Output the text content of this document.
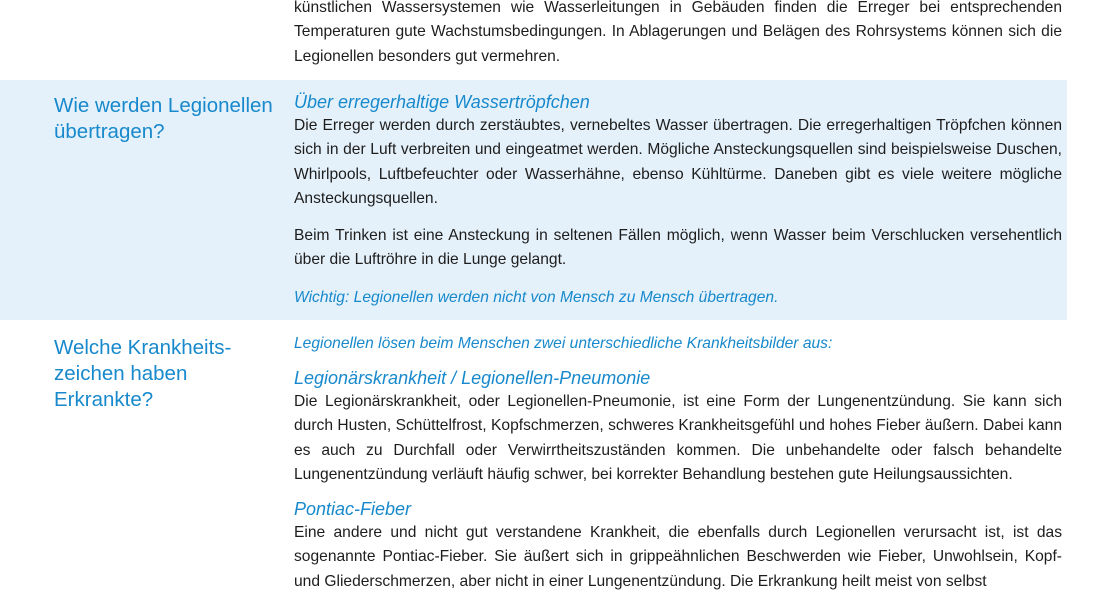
künstlichen Wassersystemen wie Wasserleitungen in Gebäuden finden die Erreger bei entsprechenden Temperaturen gute Wachstumsbedingungen. In Ablagerungen und Belägen des Rohrsystems können sich die Legionellen besonders gut vermehren.

Wie werden Legionellen übertragen?
Über erregerhaltige Wassertröpfchen

Die Erreger werden durch zerstäubtes, vernebeltes Wasser übertragen. Die erregerhaltigen Tröpfchen können sich in der Luft verbreiten und eingeatmet werden. Mögliche Ansteckungsquellen sind beispielsweise Duschen, Whirlpools, Luftbefeuchter oder Wasserhähne, ebenso Kühltürme. Daneben gibt es viele weitere mögliche Ansteckungsquellen.

Beim Trinken ist eine Ansteckung in seltenen Fällen möglich, wenn Wasser beim Verschlucken versehentlich über die Luftröhre in die Lunge gelangt.

Wichtig: Legionellen werden nicht von Mensch zu Mensch übertragen.
Welche Krankheits-
zeichen haben
Erkrankte?
Legionellen lösen beim Menschen zwei unterschiedliche Krankheitsbilder aus:
Legionärskrankheit / Legionellen-Pneumonie

Die Legionärskrankheit, oder Legionellen-Pneumonie, ist eine Form der Lungenentzündung. Sie kann sich durch Husten, Schüttelfrost, Kopfschmerzen, schweres Krankheitsgefühl und hohes Fieber äußern. Dabei kann es auch zu Durchfall oder Verwirrtheitszuständen kommen. Die unbehandelte oder falsch behandelte Lungenentzündung verläuft häufig schwer, bei korrekter Behandlung bestehen gute Heilungsaussichten.

Pontiac-Fieber

Eine andere und nicht gut verstandene Krankheit, die ebenfalls durch Legionellen verursacht ist, ist das sogenannte Pontiac-Fieber. Sie äußert sich in grippeähnlichen Beschwerden wie Fieber, Unwohlsein, Kopf- und Gliederschmerzen, aber nicht in einer Lungenentzündung. Die Erkrankung heilt meist von selbst
